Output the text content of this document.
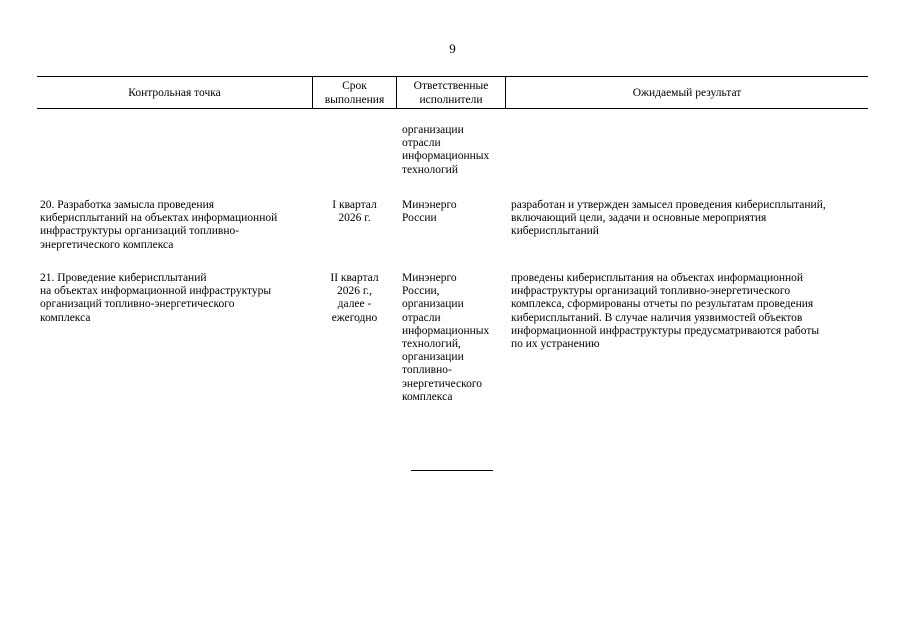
9
Контрольная точка
Срок
выполнения
Ответственные
исполнители
Ожидаемый результат
организации
отрасли
информационных
технологий
20. Разработка замысла проведения
киберисплытаний на объектах информационной
инфраструктуры организаций топливно-
энергетического комплекса
I квартал
2026 г.
Минэнерго
России
разработан и утвержден замысел проведения киберисплытаний,
включающий цели, задачи и основные мероприятия
киберисплытаний
21. Проведение киберисплытаний
на объектах информационной инфраструктуры
организаций топливно-энергетического
комплекса
II квартал
2026 г.,
далее -
ежегодно
Минэнерго
России,
организации
отрасли
информационных
технологий,
организации
топливно-
энергетического
комплекса
проведены киберисплытания на объектах информационной
инфраструктуры организаций топливно-энергетического
комплекса, сформированы отчеты по результатам проведения
киберисплытаний. В случае наличия уязвимостей объектов
информационной инфраструктуры предусматриваются работы
по их устранению
